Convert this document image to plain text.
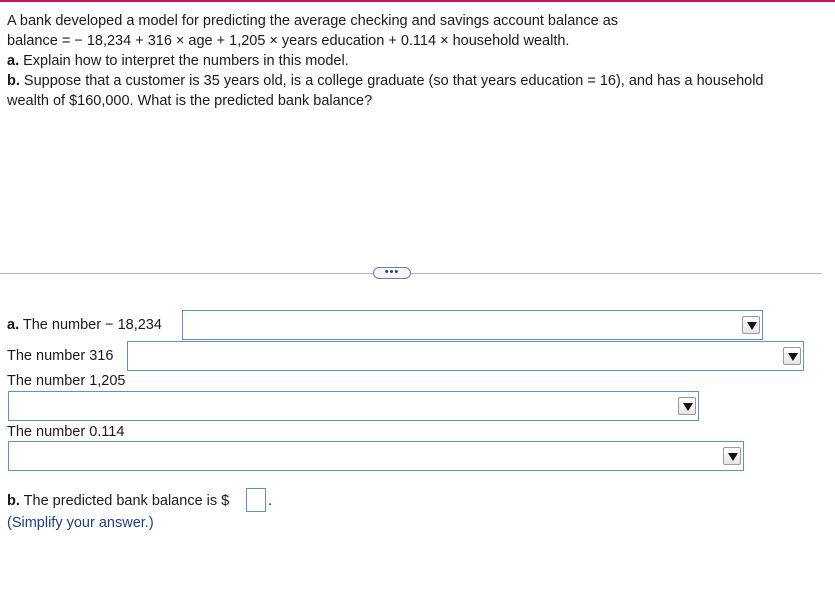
A bank developed a model for predicting the average checking and savings account balance as
balance = − 18,234 + 316 × age + 1,205 × years education + 0.114 × household wealth.
a. Explain how to interpret the numbers in this model.
b. Suppose that a customer is 35 years old, is a college graduate (so that years education = 16), and has a household
wealth of $160,000. What is the predicted bank balance?
•••
a. The number − 18,234
The number 316
The number 1,205
The number 0.114
b. The predicted bank balance is $	.
(Simplify your answer.)
